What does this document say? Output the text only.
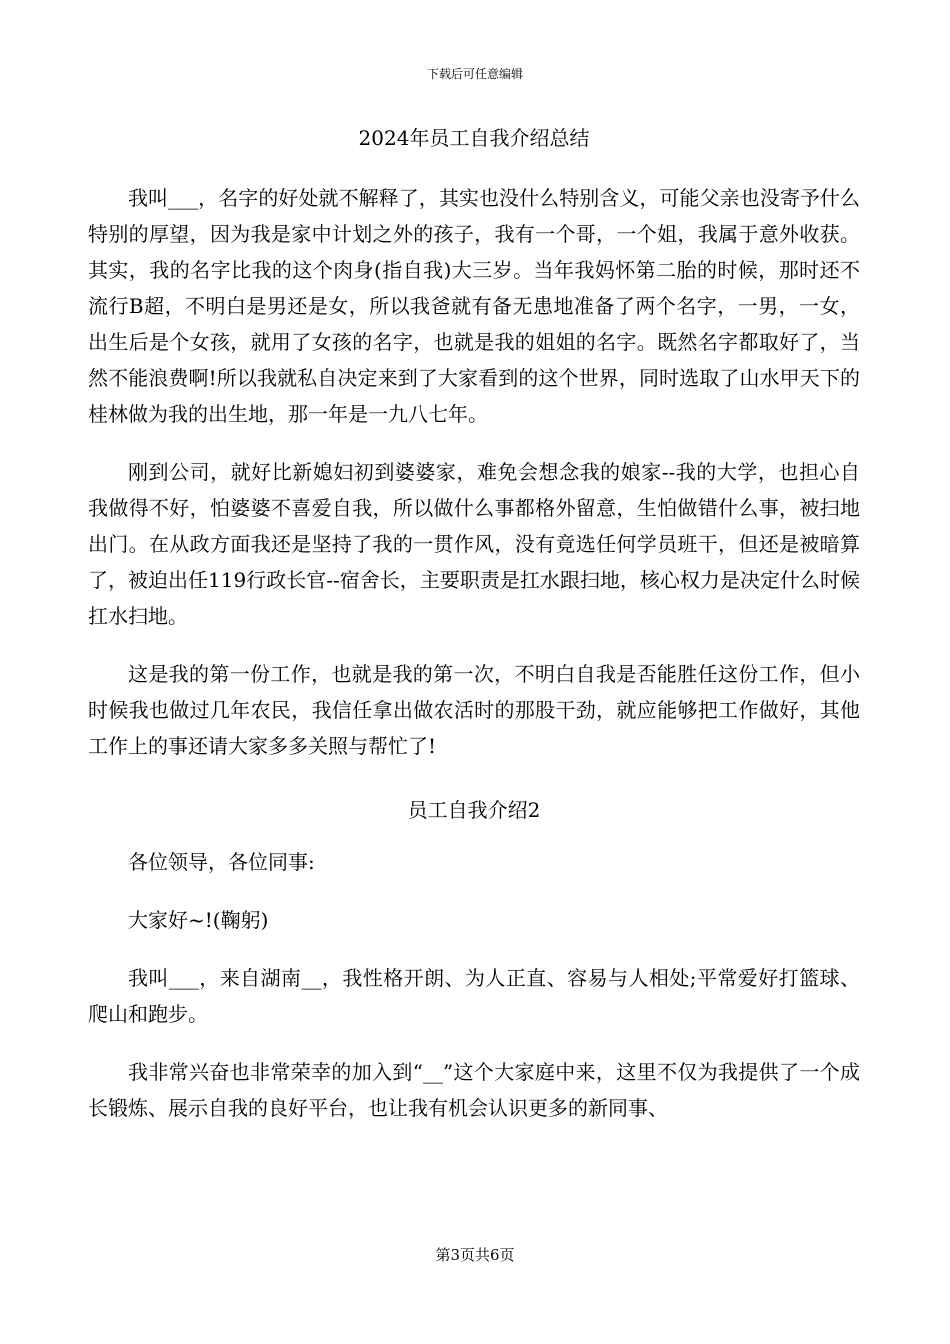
下载后可任意编辑
2024年员工自我介绍总结

我叫___，名字的好处就不解释了，其实也没什么特别含义，可能父亲也没寄予什么特别的厚望，因为我是家中计划之外的孩子，我有一个哥，一个姐，我属于意外收获。其实，我的名字比我的这个肉身(指自我)大三岁。当年我妈怀第二胎的时候，那时还不流行B超，不明白是男还是女，所以我爸就有备无患地准备了两个名字，一男，一女，出生后是个女孩，就用了女孩的名字，也就是我的姐姐的名字。既然名字都取好了，当然不能浪费啊!所以我就私自决定来到了大家看到的这个世界，同时选取了山水甲天下的桂林做为我的出生地，那一年是一九八七年。

刚到公司，就好比新媳妇初到婆婆家，难免会想念我的娘家--我的大学，也担心自我做得不好，怕婆婆不喜爱自我，所以做什么事都格外留意，生怕做错什么事，被扫地出门。在从政方面我还是坚持了我的一贯作风，没有竟选任何学员班干，但还是被暗算了，被迫出任119行政长官--宿舍长，主要职责是扛水跟扫地，核心权力是决定什么时候扛水扫地。

这是我的第一份工作，也就是我的第一次，不明白自我是否能胜任这份工作，但小时候我也做过几年农民，我信任拿出做农活时的那股干劲，就应能够把工作做好，其他工作上的事还请大家多多关照与帮忙了!

员工自我介绍2

各位领导，各位同事:

大家好~!(鞠躬)

我叫___，来自湖南__，我性格开朗、为人正直、容易与人相处;平常爱好打篮球、爬山和跑步。

我非常兴奋也非常荣幸的加入到“__”这个大家庭中来，这里不仅为我提供了一个成长锻炼、展示自我的良好平台，也让我有机会认识更多的新同事、

第3页共6页
